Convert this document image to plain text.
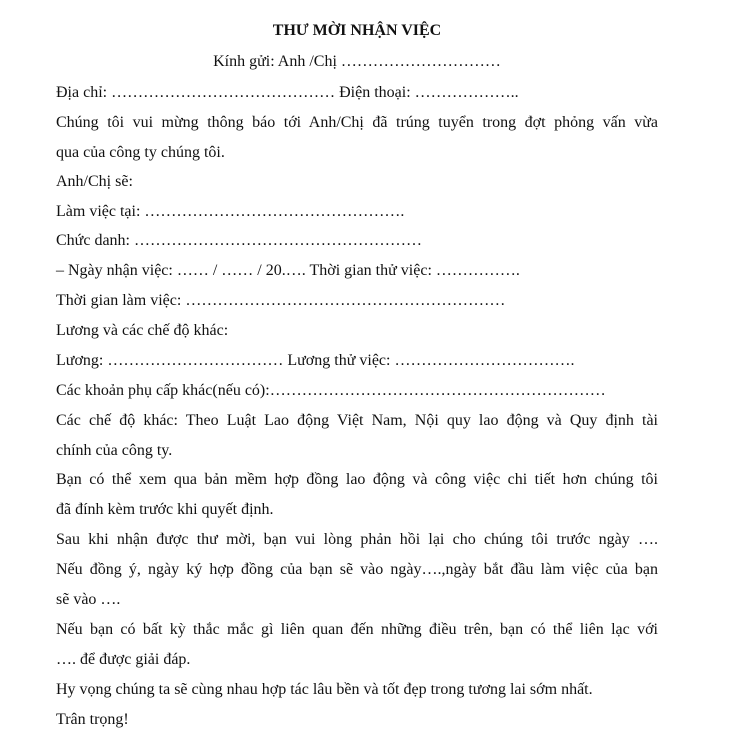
THƯ MỜI NHẬN VIỆC
Kính gửi: Anh /Chị …………………………
Địa chỉ: …………………………………… Điện thoại: ………………..
Chúng tôi vui mừng thông báo tới Anh/Chị đã trúng tuyển trong đợt phỏng vấn vừa
qua của công ty chúng tôi.
Anh/Chị sẽ:
Làm việc tại: ………………………………………….
Chức danh: ………………………………………………
– Ngày nhận việc: …… / …… / 20.…. Thời gian thử việc: …………….
Thời gian làm việc: ……………………………………………………
Lương và các chế độ khác:
Lương: …………………………… Lương thử việc: …………………………….
Các khoản phụ cấp khác(nếu có):………………………………………………………
Các chế độ khác: Theo Luật Lao động Việt Nam, Nội quy lao động và Quy định tài
chính của công ty.
Bạn có thể xem qua bản mềm hợp đồng lao động và công việc chi tiết hơn chúng tôi
đã đính kèm trước khi quyết định.
Sau khi nhận được thư mời, bạn vui lòng phản hồi lại cho chúng tôi trước ngày ….
Nếu đồng ý, ngày ký hợp đồng của bạn sẽ vào ngày….,ngày bắt đầu làm việc của bạn
sẽ vào ….
Nếu bạn có bất kỳ thắc mắc gì liên quan đến những điều trên, bạn có thể liên lạc với
…. để được giải đáp.
Hy vọng chúng ta sẽ cùng nhau hợp tác lâu bền và tốt đẹp trong tương lai sớm nhất.
Trân trọng!
